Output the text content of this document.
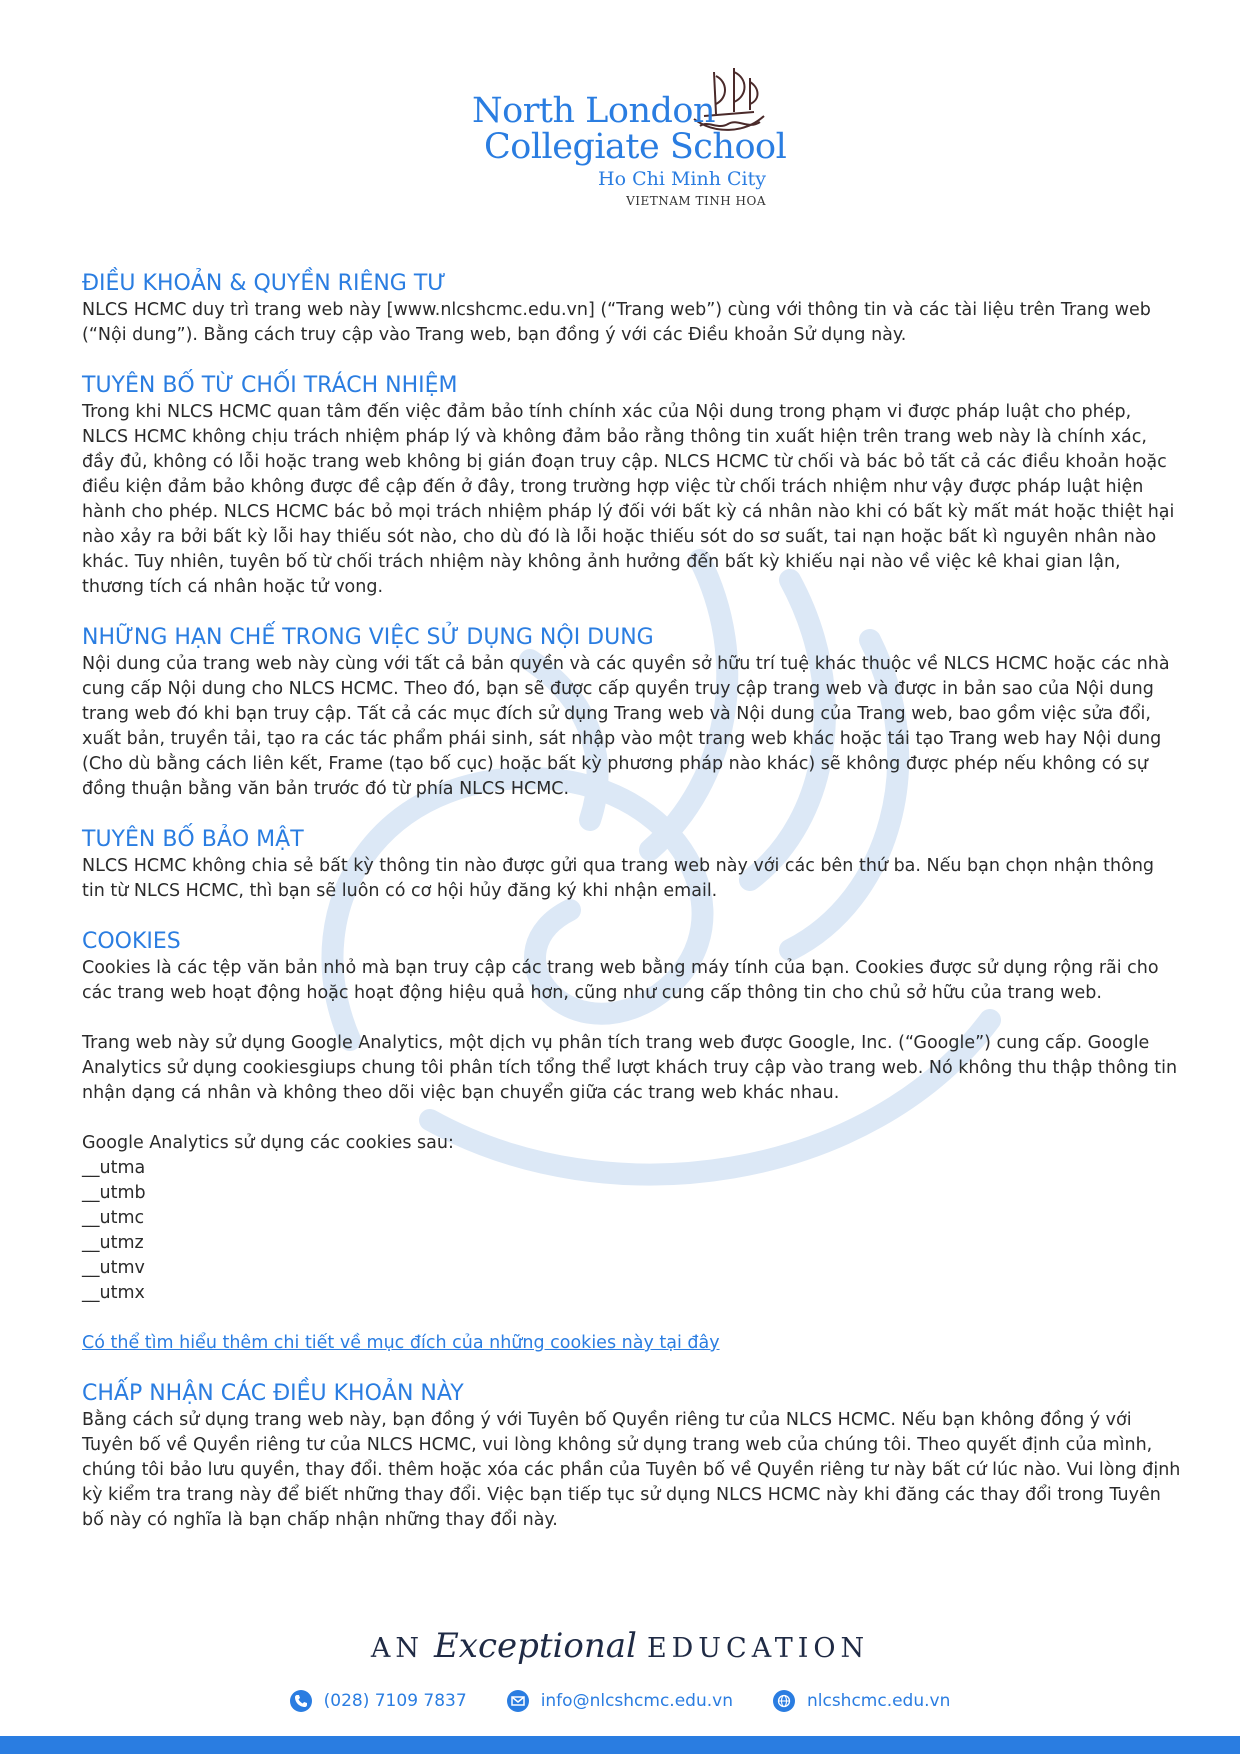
North London
Collegiate School
Ho Chi Minh City
VIETNAM TINH HOA
ĐIỀU KHOẢN & QUYỀN RIÊNG TƯ

NLCS HCMC duy trì trang web này [www.nlcshcmc.edu.vn] (“Trang web”) cùng với thông tin và các tài liệu trên Trang web (“Nội dung”). Bằng cách truy cập vào Trang web, bạn đồng ý với các Điều khoản Sử dụng này.

TUYÊN BỐ TỪ CHỐI TRÁCH NHIỆM

Trong khi NLCS HCMC quan tâm đến việc đảm bảo tính chính xác của Nội dung trong phạm vi được pháp luật cho phép, NLCS HCMC không chịu trách nhiệm pháp lý và không đảm bảo rằng thông tin xuất hiện trên trang web này là chính xác, đầy đủ, không có lỗi hoặc trang web không bị gián đoạn truy cập. NLCS HCMC từ chối và bác bỏ tất cả các điều khoản hoặc điều kiện đảm bảo không được đề cập đến ở đây, trong trường hợp việc từ chối trách nhiệm như vậy được pháp luật hiện hành cho phép. NLCS HCMC bác bỏ mọi trách nhiệm pháp lý đối với bất kỳ cá nhân nào khi có bất kỳ mất mát hoặc thiệt hại nào xảy ra bởi bất kỳ lỗi hay thiếu sót nào, cho dù đó là lỗi hoặc thiếu sót do sơ suất, tai nạn hoặc bất kì nguyên nhân nào khác. Tuy nhiên, tuyên bố từ chối trách nhiệm này không ảnh hưởng đến bất kỳ khiếu nại nào về việc kê khai gian lận, thương tích cá nhân hoặc tử vong.

NHỮNG HẠN CHẾ TRONG VIỆC SỬ DỤNG NỘI DUNG

Nội dung của trang web này cùng với tất cả bản quyền và các quyền sở hữu trí tuệ khác thuộc về NLCS HCMC hoặc các nhà cung cấp Nội dung cho NLCS HCMC. Theo đó, bạn sẽ được cấp quyền truy cập trang web và được in bản sao của Nội dung trang web đó khi bạn truy cập. Tất cả các mục đích sử dụng Trang web và Nội dung của Trang web, bao gồm việc sửa đổi, xuất bản, truyền tải, tạo ra các tác phẩm phái sinh, sát nhập vào một trang web khác hoặc tái tạo Trang web hay Nội dung (Cho dù bằng cách liên kết, Frame (tạo bố cục) hoặc bất kỳ phương pháp nào khác) sẽ không được phép nếu không có sự đồng thuận bằng văn bản trước đó từ phía NLCS HCMC.

TUYÊN BỐ BẢO MẬT

NLCS HCMC không chia sẻ bất kỳ thông tin nào được gửi qua trang web này với các bên thứ ba. Nếu bạn chọn nhận thông tin từ NLCS HCMC, thì bạn sẽ luôn có cơ hội hủy đăng ký khi nhận email.

COOKIES

Cookies là các tệp văn bản nhỏ mà bạn truy cập các trang web bằng máy tính của bạn. Cookies được sử dụng rộng rãi cho các trang web hoạt động hoặc hoạt động hiệu quả hơn, cũng như cung cấp thông tin cho chủ sở hữu của trang web.

Trang web này sử dụng Google Analytics, một dịch vụ phân tích trang web được Google, Inc. (“Google”) cung cấp. Google Analytics sử dụng cookiesgiups chung tôi phân tích tổng thể lượt khách truy cập vào trang web. Nó không thu thập thông tin nhận dạng cá nhân và không theo dõi việc bạn chuyển giữa các trang web khác nhau.

Google Analytics sử dụng các cookies sau:

__utma
__utmb
__utmc
__utmz
__utmv
__utmx
Có thể tìm hiểu thêm chi tiết về mục đích của những cookies này tại đây
CHẤP NHẬN CÁC ĐIỀU KHOẢN NÀY

Bằng cách sử dụng trang web này, bạn đồng ý với Tuyên bố Quyền riêng tư của NLCS HCMC. Nếu bạn không đồng ý với Tuyên bố về Quyền riêng tư của NLCS HCMC, vui lòng không sử dụng trang web của chúng tôi. Theo quyết định của mình, chúng tôi bảo lưu quyền, thay đổi. thêm hoặc xóa các phần của Tuyên bố về Quyền riêng tư này bất cứ lúc nào. Vui lòng định kỳ kiểm tra trang này để biết những thay đổi. Việc bạn tiếp tục sử dụng NLCS HCMC này khi đăng các thay đổi trong Tuyên bố này có nghĩa là bạn chấp nhận những thay đổi này.

AN Exceptional EDUCATION
(028) 7109 7837	info@nlcshcmc.edu.vn	nlcshcmc.edu.vn
